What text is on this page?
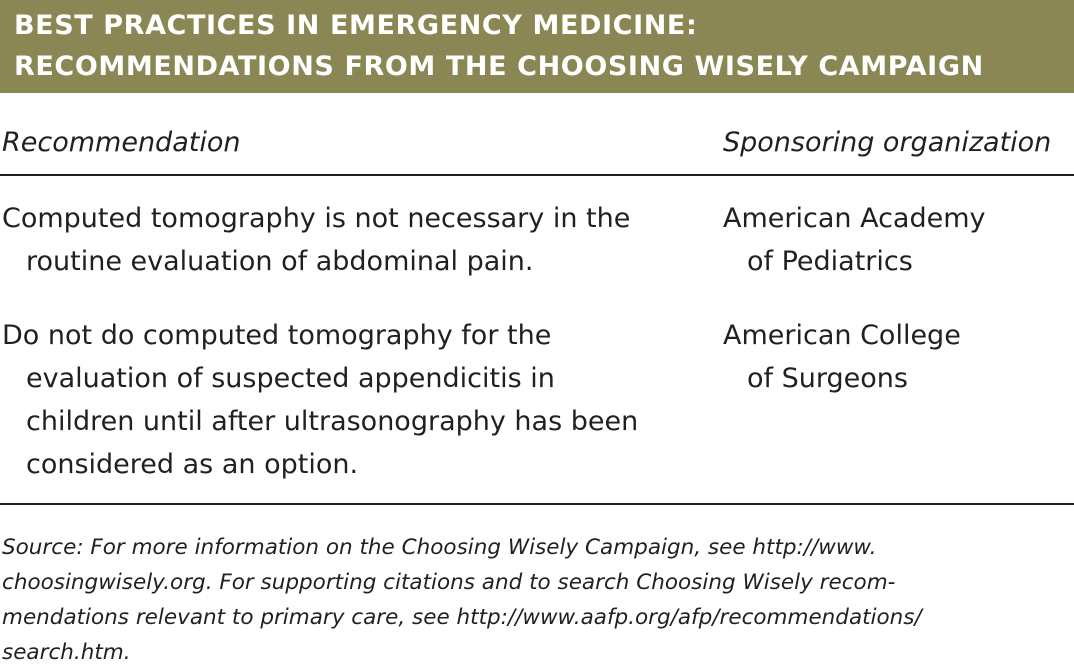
BEST PRACTICES IN EMERGENCY MEDICINE:
RECOMMENDATIONS FROM THE CHOOSING WISELY CAMPAIGN
Recommendation	Sponsoring organization
Computed tomography is not necessary in the
routine evaluation of abdominal pain.
American Academy
of Pediatrics
Do not do computed tomography for the
evaluation of suspected appendicitis in
children until after ultrasonography has been
considered as an option.
American College
of Surgeons
Source: For more information on the Choosing Wisely Campaign, see http://www.
choosingwisely.org. For supporting citations and to search Choosing Wisely recom-
mendations relevant to primary care, see http://www.aafp.org/afp/recommendations/
search.htm.
